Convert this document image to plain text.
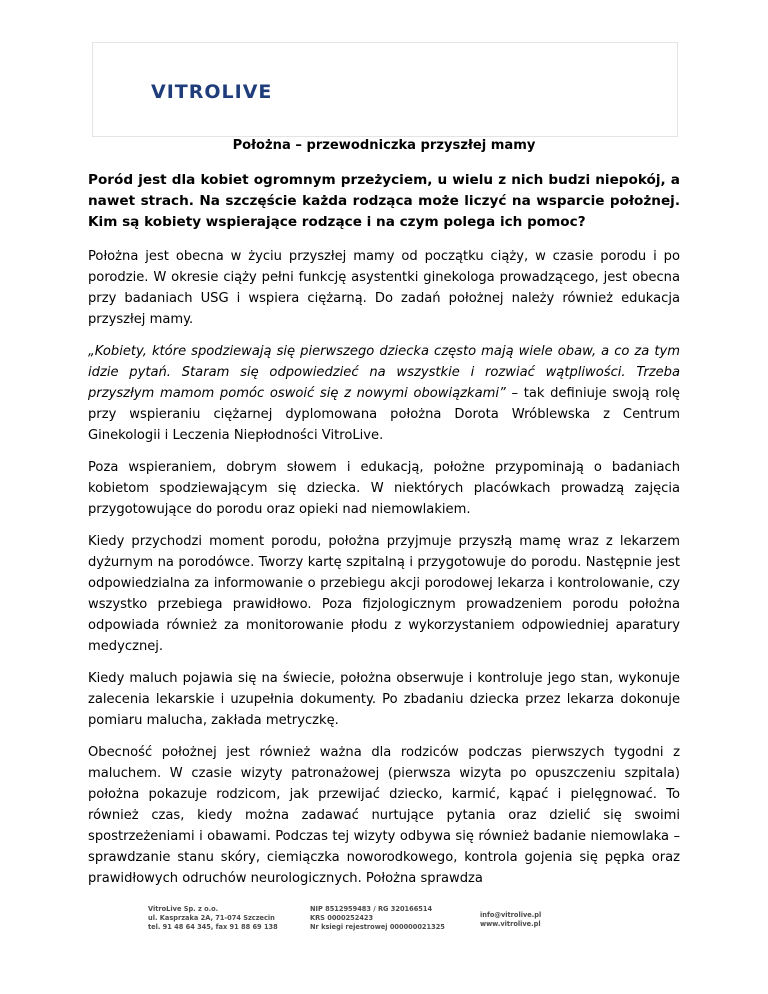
VITROLIVE
Położna – przewodniczka przyszłej mamy

Poród jest dla kobiet ogromnym przeżyciem, u wielu z nich budzi niepokój, a nawet strach. Na szczęście każda rodząca może liczyć na wsparcie położnej. Kim są kobiety wspierające rodzące i na czym polega ich pomoc?

Położna jest obecna w życiu przyszłej mamy od początku ciąży, w czasie porodu i po porodzie. W okresie ciąży pełni funkcję asystentki ginekologa prowadzącego, jest obecna przy badaniach USG i wspiera ciężarną. Do zadań położnej należy również edukacja przyszłej mamy.

„Kobiety, które spodziewają się pierwszego dziecka często mają wiele obaw, a co za tym idzie pytań. Staram się odpowiedzieć na wszystkie i rozwiać wątpliwości. Trzeba przyszłym mamom pomóc oswoić się z nowymi obowiązkami” – tak definiuje swoją rolę przy wspieraniu ciężarnej dyplomowana położna Dorota Wróblewska z Centrum Ginekologii i Leczenia Niepłodności VitroLive.

Poza wspieraniem, dobrym słowem i edukacją, położne przypominają o badaniach kobietom spodziewającym się dziecka. W niektórych placówkach prowadzą zajęcia przygotowujące do porodu oraz opieki nad niemowlakiem.

Kiedy przychodzi moment porodu, położna przyjmuje przyszłą mamę wraz z lekarzem dyżurnym na porodówce. Tworzy kartę szpitalną i przygotowuje do porodu. Następnie jest odpowiedzialna za informowanie o przebiegu akcji porodowej lekarza i kontrolowanie, czy wszystko przebiega prawidłowo. Poza fizjologicznym prowadzeniem porodu położna odpowiada również za monitorowanie płodu z wykorzystaniem odpowiedniej aparatury medycznej.

Kiedy maluch pojawia się na świecie, położna obserwuje i kontroluje jego stan, wykonuje zalecenia lekarskie i uzupełnia dokumenty. Po zbadaniu dziecka przez lekarza dokonuje pomiaru malucha, zakłada metryczkę.

Obecność położnej jest również ważna dla rodziców podczas pierwszych tygodni z maluchem. W czasie wizyty patronażowej (pierwsza wizyta po opuszczeniu szpitala) położna pokazuje rodzicom, jak przewijać dziecko, karmić, kąpać i pielęgnować. To również czas, kiedy można zadawać nurtujące pytania oraz dzielić się swoimi spostrzeżeniami i obawami. Podczas tej wizyty odbywa się również badanie niemowlaka – sprawdzanie stanu skóry, ciemiączka noworodkowego, kontrola gojenia się pępka oraz prawidłowych odruchów neurologicznych. Położna sprawdza

VitroLive Sp. z o.o.
ul. Kasprzaka 2A, 71-074 Szczecin
tel. 91 48 64 345, fax 91 88 69 138
NIP 8512959483 / RG 320166514
KRS 0000252423
Nr ksiegi rejestrowej 000000021325
info@vitrolive.pl
www.vitrolive.pl
